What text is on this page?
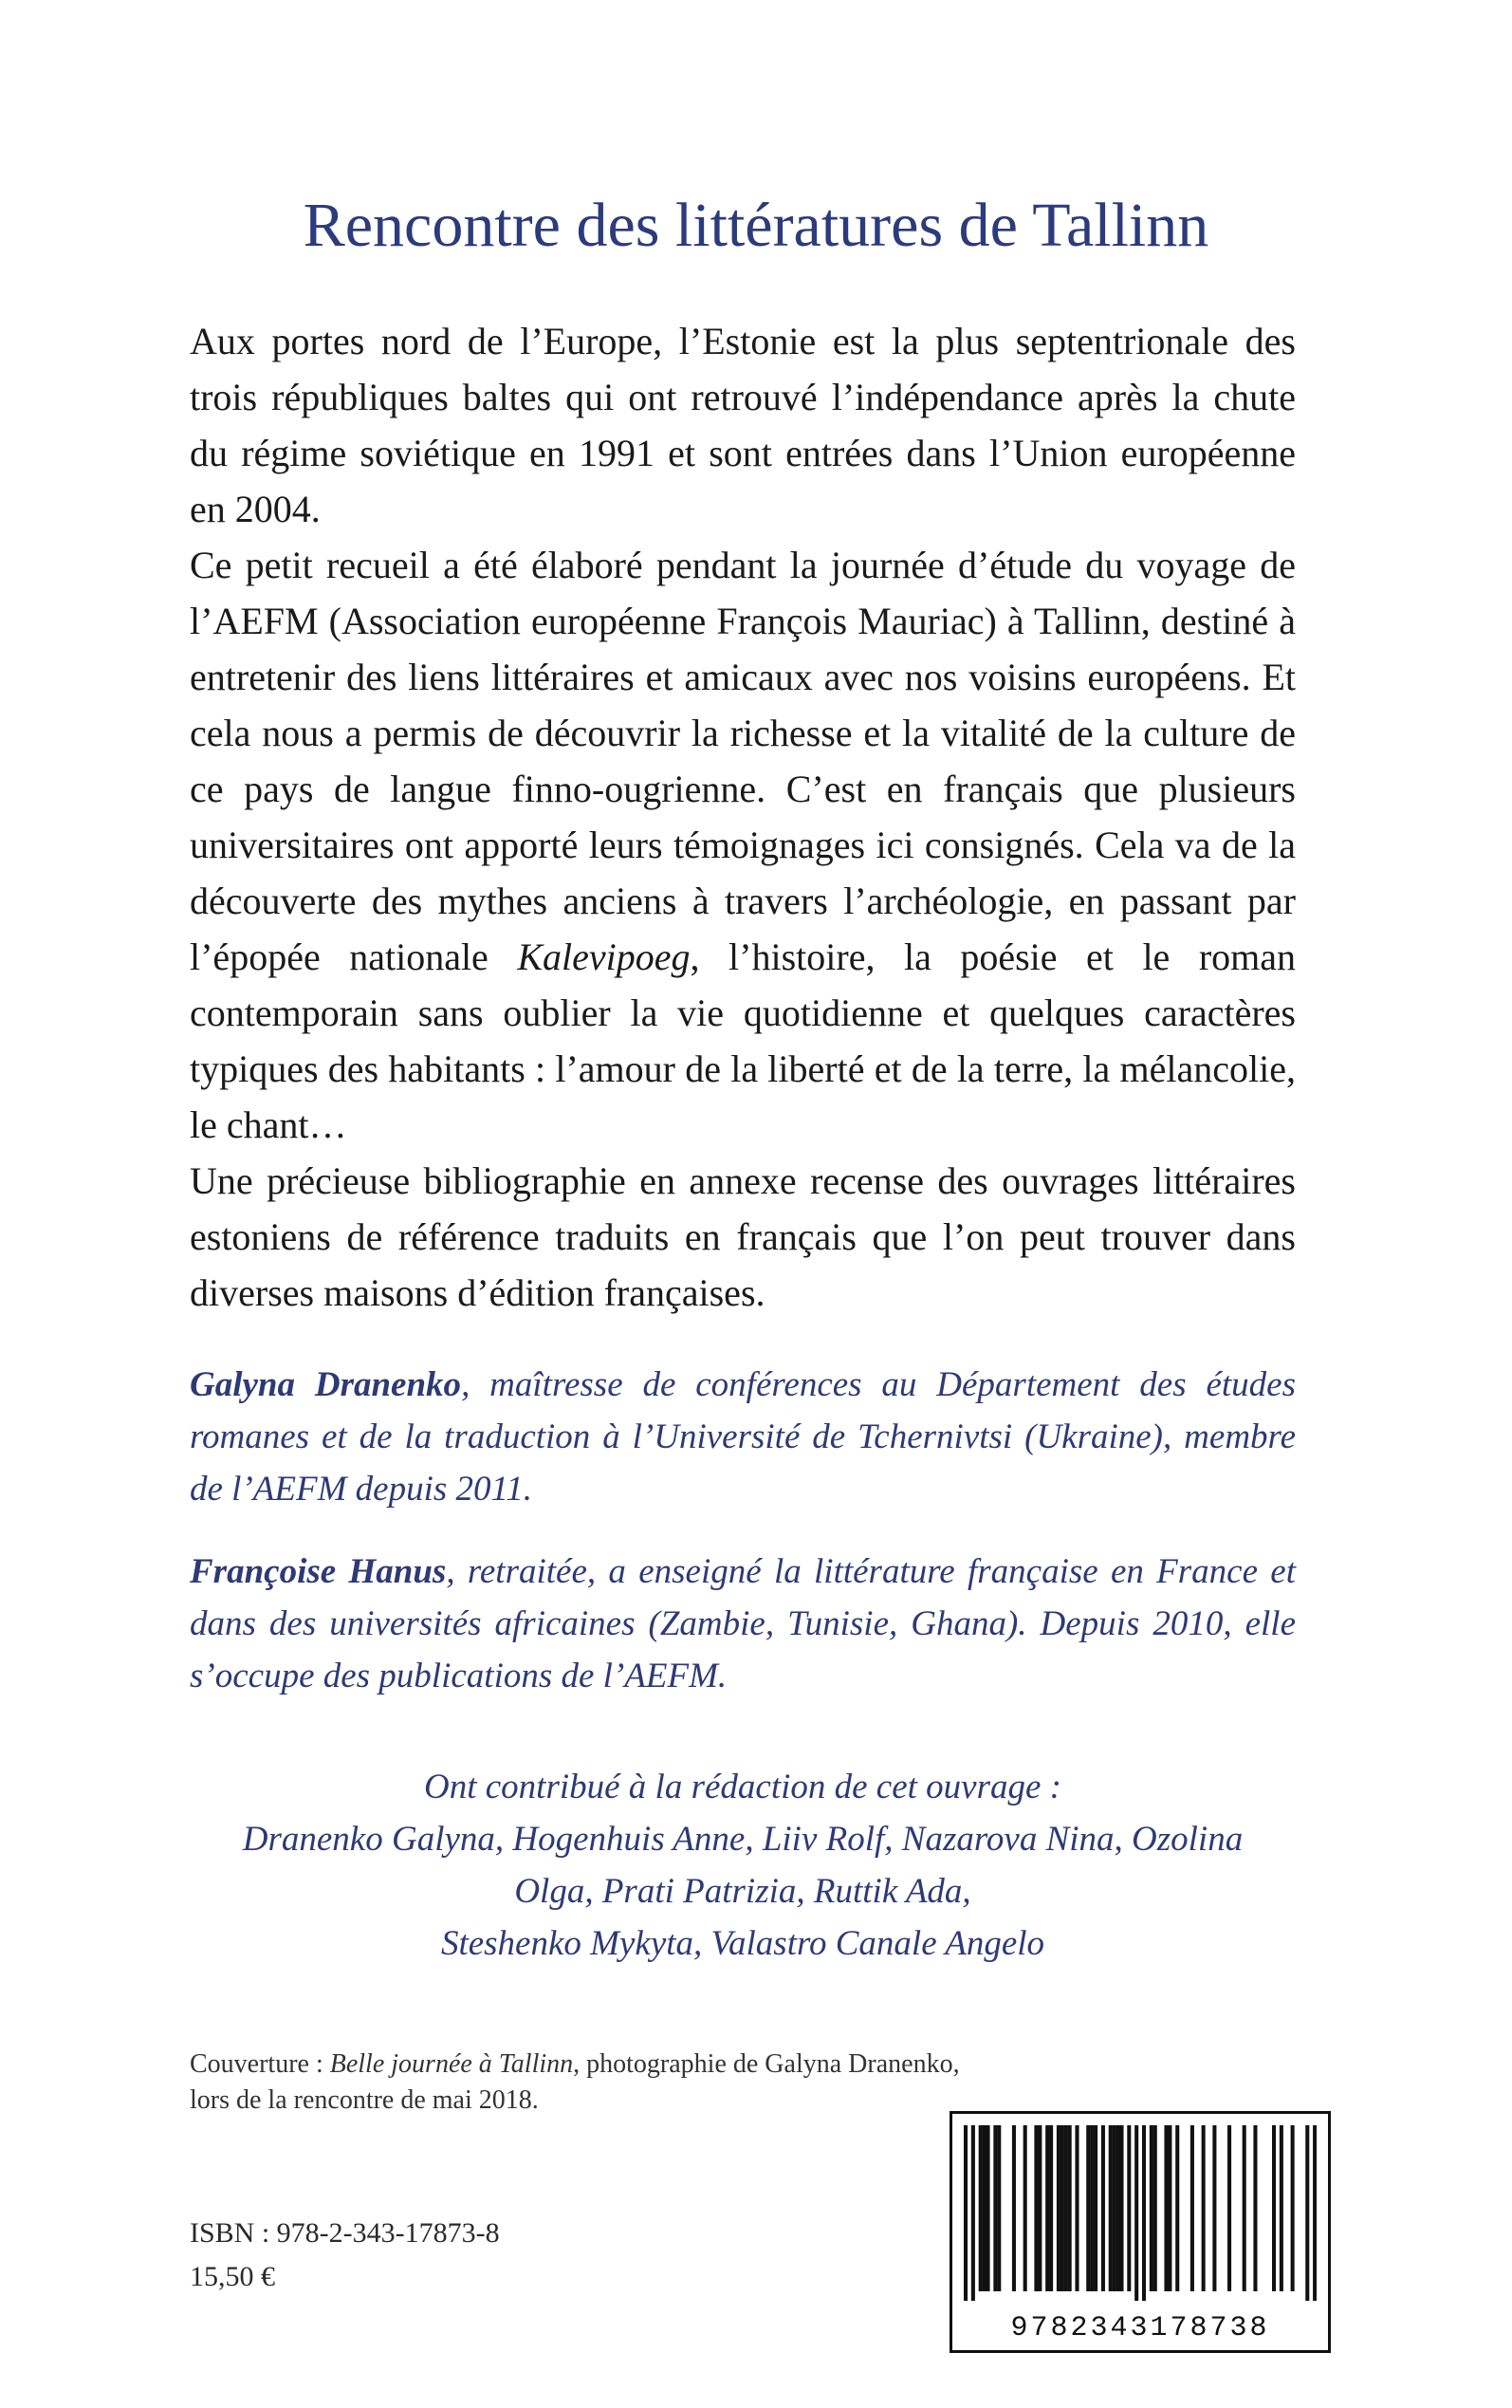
Rencontre des littératures de Tallinn

Aux portes nord de l’Europe, l’Estonie est la plus septentrionale des trois républiques baltes qui ont retrouvé l’indépendance après la chute du régime soviétique en 1991 et sont entrées dans l’Union européenne en 2004.

Ce petit recueil a été élaboré pendant la journée d’étude du voyage de l’AEFM (Association européenne François Mauriac) à Tallinn, destiné à entretenir des liens littéraires et amicaux avec nos voisins européens. Et cela nous a permis de découvrir la richesse et la vitalité de la culture de ce pays de langue finno-ougrienne. C’est en français que plusieurs universitaires ont apporté leurs témoignages ici consignés. Cela va de la découverte des mythes anciens à travers l’archéologie, en passant par l’épopée nationale Kalevipoeg, l’histoire, la poésie et le roman contemporain sans oublier la vie quotidienne et quelques caractères typiques des habitants : l’amour de la liberté et de la terre, la mélancolie, le chant…

Une précieuse bibliographie en annexe recense des ouvrages littéraires estoniens de référence traduits en français que l’on peut trouver dans diverses maisons d’édition françaises.

Galyna Dranenko, maîtresse de conférences au Département des études romanes et de la traduction à l’Université de Tchernivtsi (Ukraine), membre de l’AEFM depuis 2011.

Françoise Hanus, retraitée, a enseigné la littérature française en France et dans des universités africaines (Zambie, Tunisie, Ghana). Depuis 2010, elle s’occupe des publications de l’AEFM.

Ont contribué à la rédaction de cet ouvrage :

Dranenko Galyna, Hogenhuis Anne, Liiv Rolf, Nazarova Nina, Ozolina

Olga, Prati Patrizia, Ruttik Ada,

Steshenko Mykyta, Valastro Canale Angelo

Couverture : Belle journée à Tallinn, photographie de Galyna Dranenko,

lors de la rencontre de mai 2018.

ISBN : 978-2-343-17873-8
15,50 €
9782343178738
